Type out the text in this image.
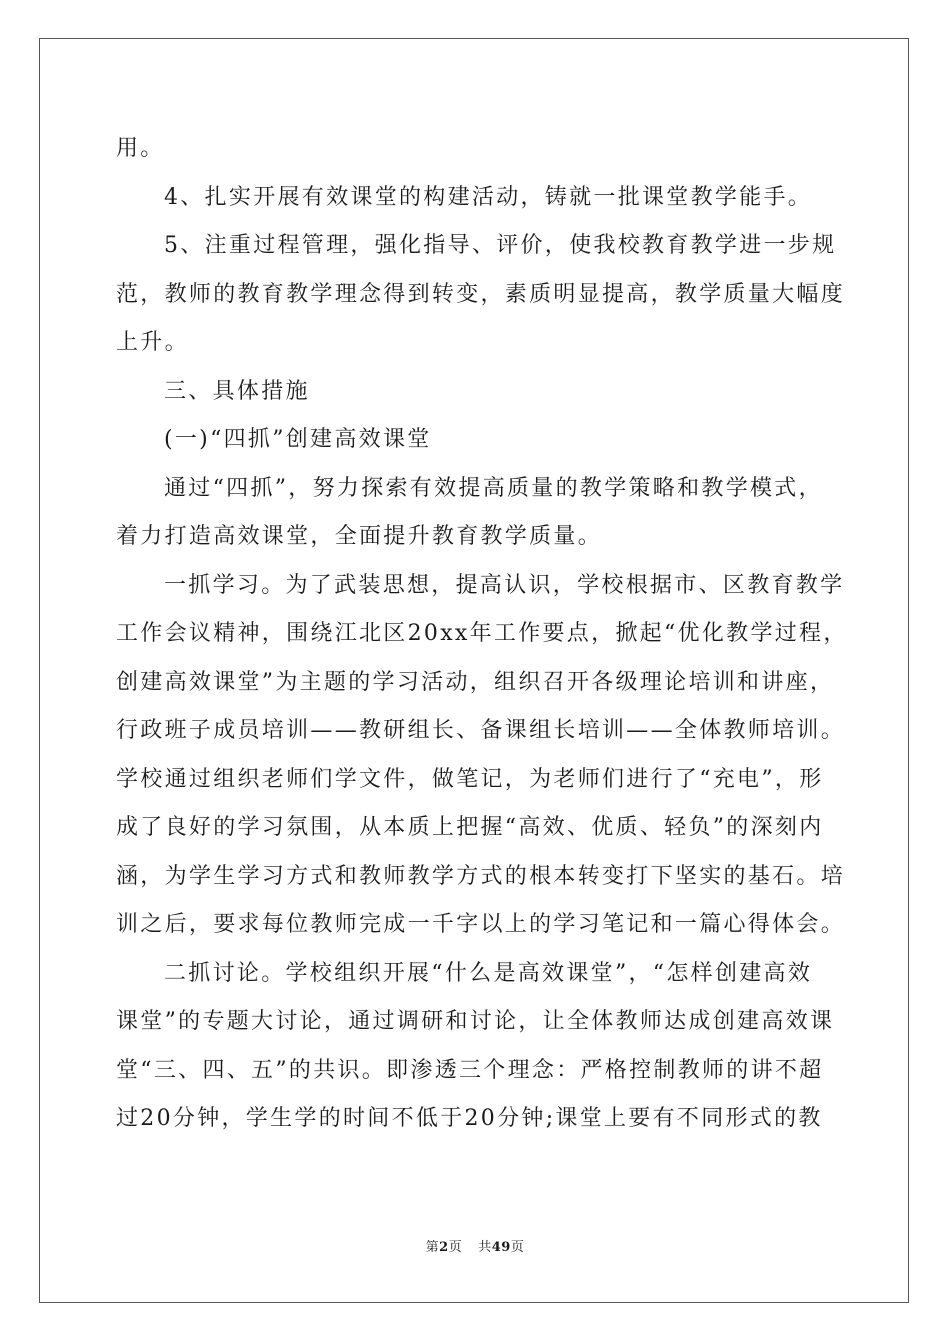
用。
4、扎实开展有效课堂的构建活动，铸就一批课堂教学能手。
5、注重过程管理，强化指导、评价，使我校教育教学进一步规
范，教师的教育教学理念得到转变，素质明显提高，教学质量大幅度
上升。
三、具体措施
(一)“四抓”创建高效课堂
通过“四抓”，努力探索有效提高质量的教学策略和教学模式，
着力打造高效课堂，全面提升教育教学质量。
一抓学习。为了武装思想，提高认识，学校根据市、区教育教学
工作会议精神，围绕江北区20xx年工作要点，掀起“优化教学过程，
创建高效课堂”为主题的学习活动，组织召开各级理论培训和讲座，
行政班子成员培训——教研组长、备课组长培训——全体教师培训。
学校通过组织老师们学文件，做笔记，为老师们进行了“充电”，形
成了良好的学习氛围，从本质上把握“高效、优质、轻负”的深刻内
涵，为学生学习方式和教师教学方式的根本转变打下坚实的基石。培
训之后，要求每位教师完成一千字以上的学习笔记和一篇心得体会。
二抓讨论。学校组织开展“什么是高效课堂”，“怎样创建高效
课堂”的专题大讨论，通过调研和讨论，让全体教师达成创建高效课
堂“三、四、五”的共识。即渗透三个理念：严格控制教师的讲不超
过20分钟，学生学的时间不低于20分钟;课堂上要有不同形式的教
第2页 共49页
